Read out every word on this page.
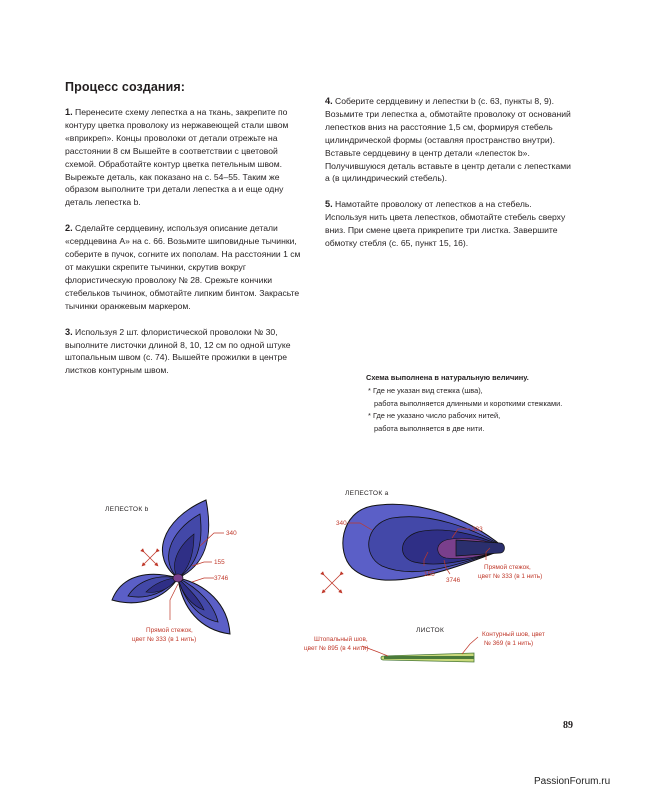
Процесс создания:

1. Перенесите схему лепестка а на ткань, закрепите по контуру цветка проволоку из нержавеющей стали швом «вприкреп». Концы проволоки от детали отрежьте на расстоянии 8 см Вышейте в соответствии с цветовой схемой. Обработайте контур цветка петельным швом. Вырежьте деталь, как показано на с. 54–55. Таким же образом выполните три детали лепестка а и еще одну деталь лепестка b.

2. Сделайте сердцевину, используя описание детали «сердцевина А» на с. 66. Возьмите шиповидные тычинки, соберите в пучок, согните их пополам. На расстоянии 1 см от макушки скрепите тычинки, скрутив вокруг флористическую проволоку № 28. Срежьте кончики стебельков тычинок, обмотайте липким бинтом. Закрасьте тычинки оранжевым маркером.

3. Используя 2 шт. флористической проволоки № 30, выполните листочки длиной 8, 10, 12 см по одной штуке штопальным швом (с. 74). Вышейте прожилки в центре листков контурным швом.

4. Соберите сердцевину и лепестки b (с. 63, пункты 8, 9). Возьмите три лепестка а, обмотайте проволоку от оснований лепестков вниз на расстояние 1,5 см, формируя стебель цилиндрической формы (оставляя пространство внутри). Вставьте сердцевину в центр детали «лепесток b». Получившуюся деталь вставьте в центр детали с лепестками а (в цилиндрический стебель).

5. Намотайте проволоку от лепестков а на стебель. Используя нить цвета лепестков, обмотайте стебель сверху вниз. При смене цвета прикрепите три листка. Завершите обмотку стебля (с. 65, пункт 15, 16).

Схема выполнена в натуральную величину.
* Где не указан вид стежка (шва),
работа выполняется длинными и короткими стежками.
* Где не указано число рабочих нитей,
работа выполняется в две нити.
ЛЕПЕСТОК b
340
155
3746
Прямой стежок,
цвет № 333 (в 1 нить)
ЛЕПЕСТОК а
340
333
155
3746
Прямой стежок,
цвет № 333 (в 1 нить)
ЛИСТОК
Штопальный шов,
цвет № 895 (в 4 нити)
Контурный шов, цвет
№ 369 (в 1 нить)
89
PassionForum.ru
